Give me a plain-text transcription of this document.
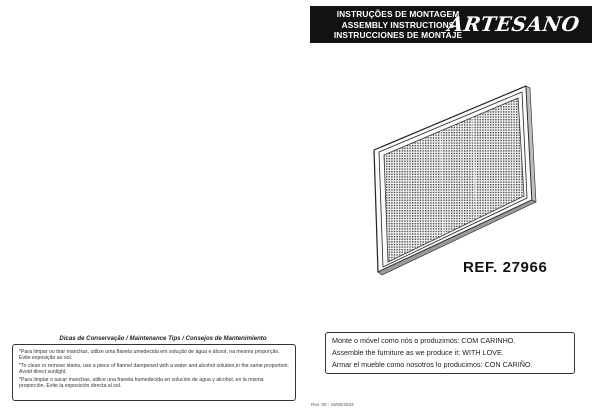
INSTRUÇÕES DE MONTAGEM
ASSEMBLY INSTRUCTIONS
INSTRUCCIONES DE MONTAJE
ARTESANO
REF. 27966
Dicas de Conservação / Maintenance Tips / Consejos de Mantenimiento

*Para limpar ou tirar manchas, utilize uma flanela umedecida em solução de água e álcool, na mesma proporção. Evite exposição ao sol.

*To clean or remove stains, use a piece of flannel dampened with a water and alcohol solution,in the same proportion. Avoid direct sunlight.

*Para limpiar o sacar manchas, utilice una franela humedecida en solución de agua y alcohol, en la misma proporción. Evite la exposición directa al sol.

Monte o móvel como nós o produzimos: COM CARINHO.
Assemble the furniture as we produce it: WITH LOVE.
Armar el mueble como nosotros lo producimos: CON CARIÑO.
Rev. 00 - 19/05/2023
